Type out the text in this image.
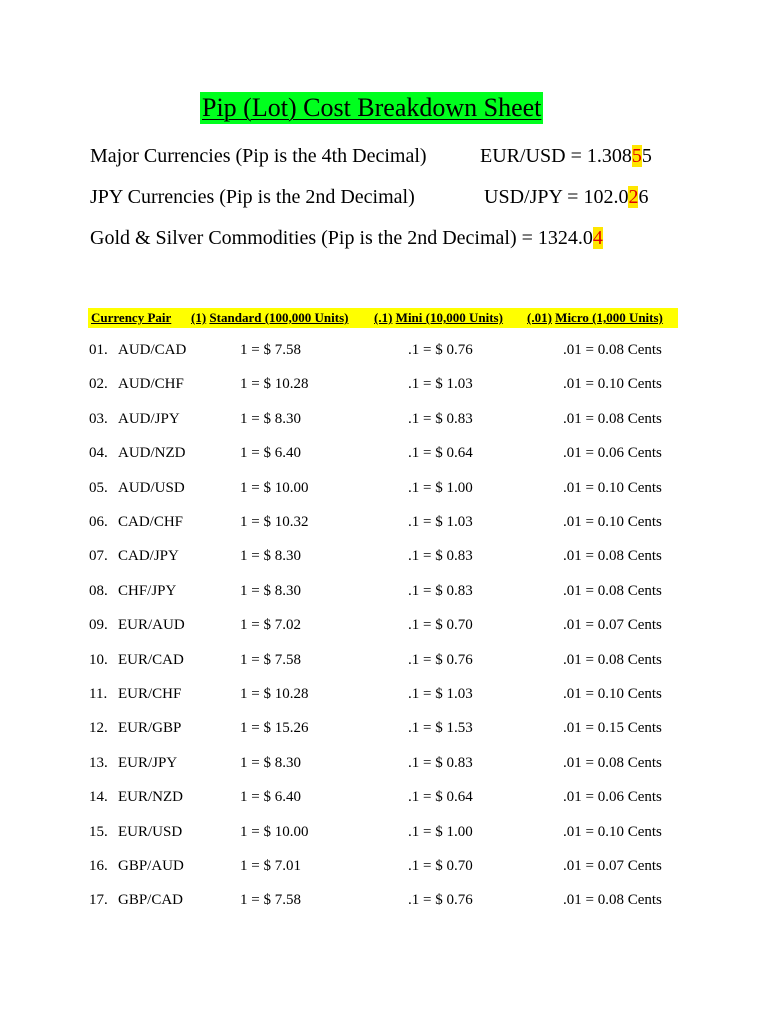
Pip (Lot) Cost Breakdown Sheet
Major Currencies (Pip is the 4th Decimal)	EUR/USD = 1.30855
JPY Currencies (Pip is the 2nd Decimal)	USD/JPY = 102.026
Gold & Silver Commodities (Pip is the 2nd Decimal) = 1324.04
Currency Pair (1) Standard (100,000 Units) (.1) Mini (10,000 Units) (.01) Micro (1,000 Units)
01. AUD/CAD	1 = $ 7.58	.1 = $ 0.76	.01 = 0.08 Cents
02. AUD/CHF	1 = $ 10.28	.1 = $ 1.03	.01 = 0.10 Cents
03. AUD/JPY	1 = $ 8.30	.1 = $ 0.83	.01 = 0.08 Cents
04. AUD/NZD	1 = $ 6.40	.1 = $ 0.64	.01 = 0.06 Cents
05. AUD/USD	1 = $ 10.00	.1 = $ 1.00	.01 = 0.10 Cents
06. CAD/CHF	1 = $ 10.32	.1 = $ 1.03	.01 = 0.10 Cents
07. CAD/JPY	1 = $ 8.30	.1 = $ 0.83	.01 = 0.08 Cents
08. CHF/JPY	1 = $ 8.30	.1 = $ 0.83	.01 = 0.08 Cents
09. EUR/AUD	1 = $ 7.02	.1 = $ 0.70	.01 = 0.07 Cents
10. EUR/CAD	1 = $ 7.58	.1 = $ 0.76	.01 = 0.08 Cents
11. EUR/CHF	1 = $ 10.28	.1 = $ 1.03	.01 = 0.10 Cents
12. EUR/GBP	1 = $ 15.26	.1 = $ 1.53	.01 = 0.15 Cents
13. EUR/JPY	1 = $ 8.30	.1 = $ 0.83	.01 = 0.08 Cents
14. EUR/NZD	1 = $ 6.40	.1 = $ 0.64	.01 = 0.06 Cents
15. EUR/USD	1 = $ 10.00	.1 = $ 1.00	.01 = 0.10 Cents
16. GBP/AUD	1 = $ 7.01	.1 = $ 0.70	.01 = 0.07 Cents
17. GBP/CAD	1 = $ 7.58	.1 = $ 0.76	.01 = 0.08 Cents
